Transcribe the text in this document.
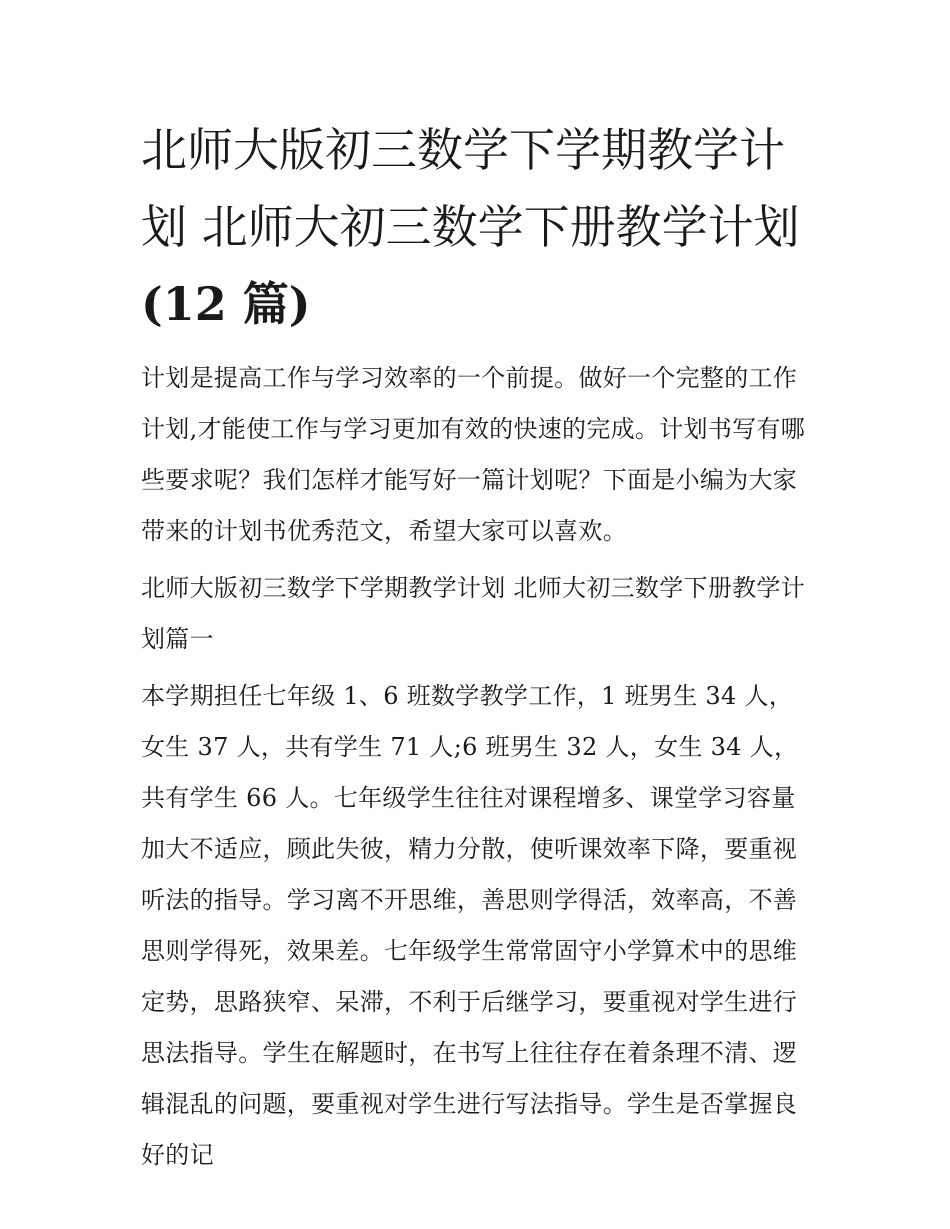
北师大版初三数学下学期教学计划 北师大初三数学下册教学计划(12 篇)

计划是提高工作与学习效率的一个前提。做好一个完整的工作计划,才能使工作与学习更加有效的快速的完成。计划书写有哪些要求呢？我们怎样才能写好一篇计划呢？下面是小编为大家带来的计划书优秀范文，希望大家可以喜欢。

北师大版初三数学下学期教学计划 北师大初三数学下册教学计划篇一

本学期担任七年级 1、6 班数学教学工作，1 班男生 34 人，女生 37 人，共有学生 71 人;6 班男生 32 人，女生 34 人，共有学生 66 人。七年级学生往往对课程增多、课堂学习容量加大不适应，顾此失彼，精力分散，使听课效率下降，要重视听法的指导。学习离不开思维，善思则学得活，效率高，不善思则学得死，效果差。七年级学生常常固守小学算术中的思维定势，思路狭窄、呆滞，不利于后继学习，要重视对学生进行思法指导。学生在解题时，在书写上往往存在着条理不清、逻辑混乱的问题，要重视对学生进行写法指导。学生是否掌握良好的记
